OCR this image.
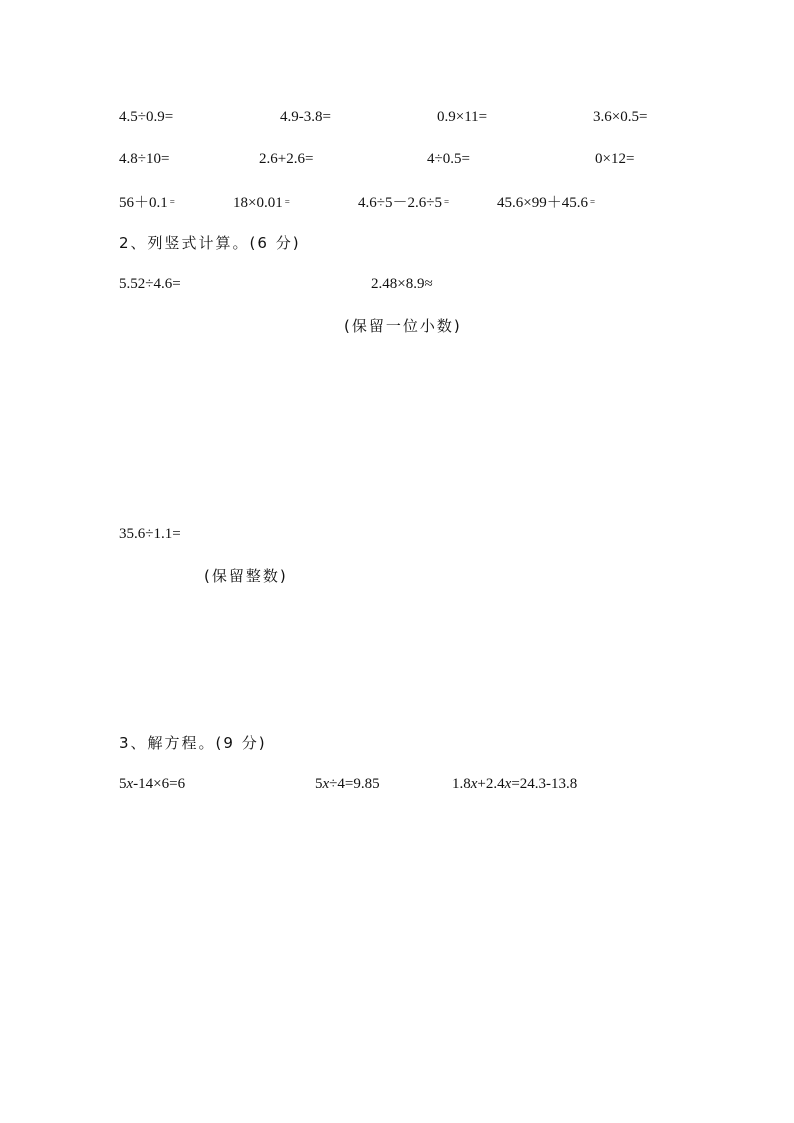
4.5÷0.9=	4.9-3.8=	0.9×11=	3.6×0.5=
4.8÷10=	2.6+2.6=	4÷0.5=	0×12=
56＋0.1 =	18×0.01 =	4.6÷5－2.6÷5 =	45.6×99＋45.6 =
2、列竖式计算。(6 分)
5.52÷4.6=	2.48×8.9≈
(保留一位小数)
35.6÷1.1=
(保留整数)
3、解方程。(9 分)
5x-14×6=6	5x÷4=9.85	1.8x+2.4x=24.3-13.8
